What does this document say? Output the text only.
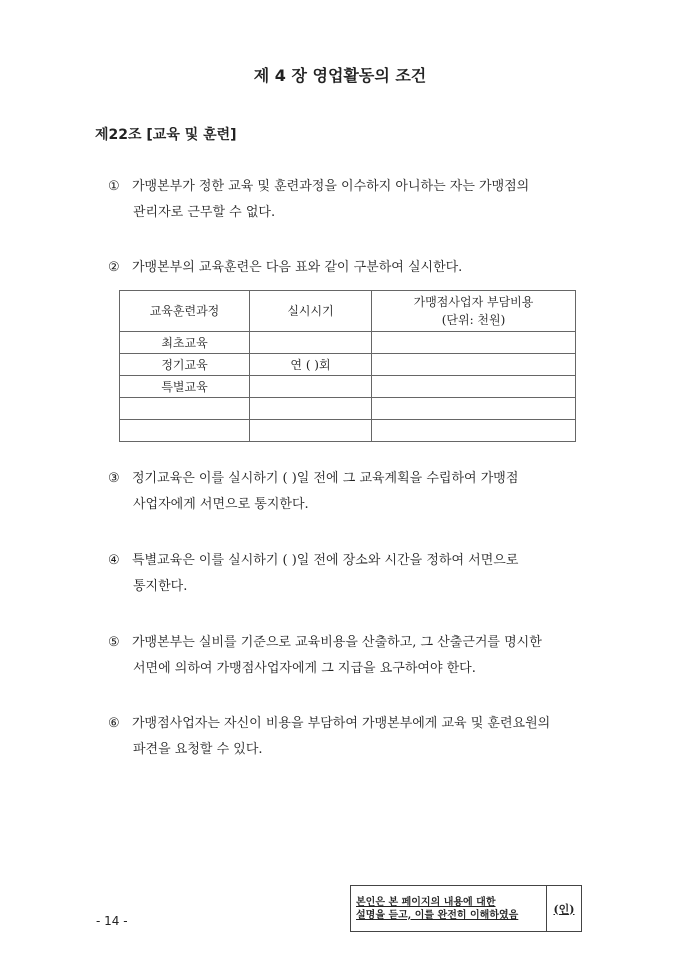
제 4 장 영업활동의 조건
제22조 [교육 및 훈련]
① 가맹본부가 정한 교육 및 훈련과정을 이수하지 아니하는 자는 가맹점의
관리자로 근무할 수 없다.
② 가맹본부의 교육훈련은 다음 표와 같이 구분하여 실시한다.
교육훈련과정	실시시기	가맹점사업자 부담비용
(단위: 천원)

최초교육		
정기교육	연 ( )회	
특별교육		

③ 정기교육은 이를 실시하기 ( )일 전에 그 교육계획을 수립하여 가맹점
사업자에게 서면으로 통지한다.
④ 특별교육은 이를 실시하기 ( )일 전에 장소와 시간을 정하여 서면으로
통지한다.
⑤ 가맹본부는 실비를 기준으로 교육비용을 산출하고, 그 산출근거를 명시한
서면에 의하여 가맹점사업자에게 그 지급을 요구하여야 한다.
⑥ 가맹점사업자는 자신이 비용을 부담하여 가맹본부에게 교육 및 훈련요원의
파견을 요청할 수 있다.
- 14 -
본인은 본 페이지의 내용에 대한
설명을 듣고, 이를 완전히 이해하였음	(인)
